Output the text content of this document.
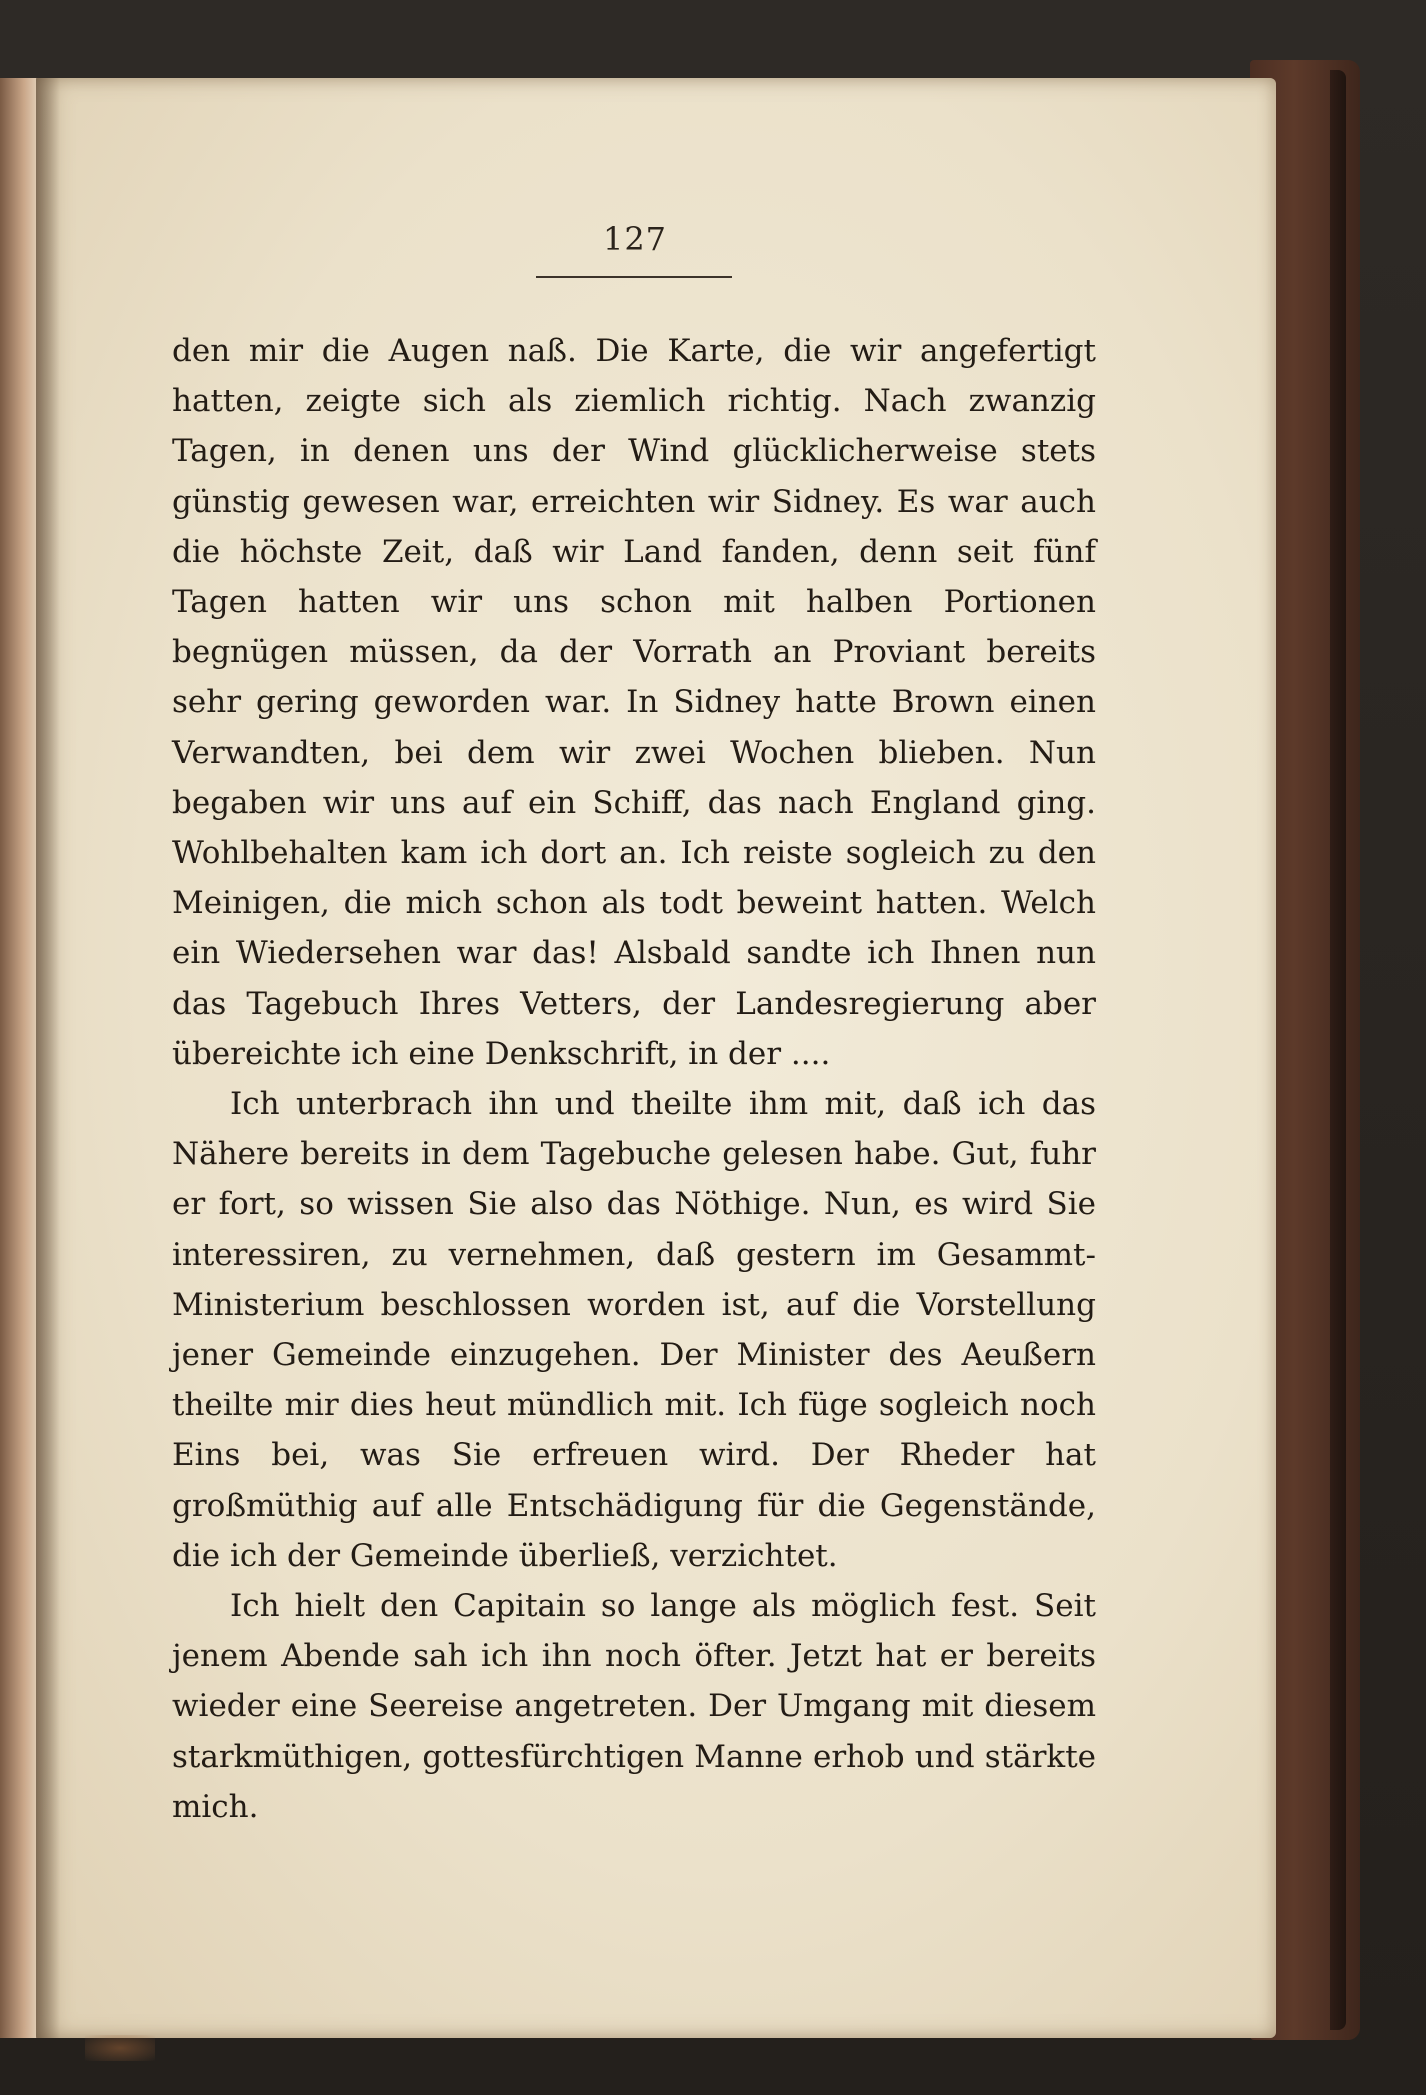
127

den mir die Augen naß. Die Karte, die wir angefertigt hatten, zeigte sich als ziemlich richtig. Nach zwanzig Tagen, in denen uns der Wind glücklicherweise stets günstig gewesen war, erreichten wir Sidney. Es war auch die höchste Zeit, daß wir Land fanden, denn seit fünf Tagen hatten wir uns schon mit halben Portionen begnügen müssen, da der Vorrath an Proviant bereits sehr gering geworden war. In Sidney hatte Brown einen Verwandten, bei dem wir zwei Wochen blieben. Nun begaben wir uns auf ein Schiff, das nach England ging. Wohlbehalten kam ich dort an. Ich reiste sogleich zu den Meinigen, die mich schon als todt beweint hatten. Welch ein Wiedersehen war das! Alsbald sandte ich Ihnen nun das Tagebuch Ihres Vetters, der Landesregierung aber übereichte ich eine Denkschrift, in der ....

Ich unterbrach ihn und theilte ihm mit, daß ich das Nähere bereits in dem Tagebuche gelesen habe. Gut, fuhr er fort, so wissen Sie also das Nöthige. Nun, es wird Sie interessiren, zu vernehmen, daß gestern im Gesammt-Ministerium beschlossen worden ist, auf die Vorstellung jener Gemeinde einzugehen. Der Minister des Aeußern theilte mir dies heut mündlich mit. Ich füge sogleich noch Eins bei, was Sie erfreuen wird. Der Rheder hat großmüthig auf alle Entschädigung für die Gegenstände, die ich der Gemeinde überließ, verzichtet.

Ich hielt den Capitain so lange als möglich fest. Seit jenem Abende sah ich ihn noch öfter. Jetzt hat er bereits wieder eine Seereise angetreten. Der Umgang mit diesem starkmüthigen, gottesfürchtigen Manne erhob und stärkte mich.
